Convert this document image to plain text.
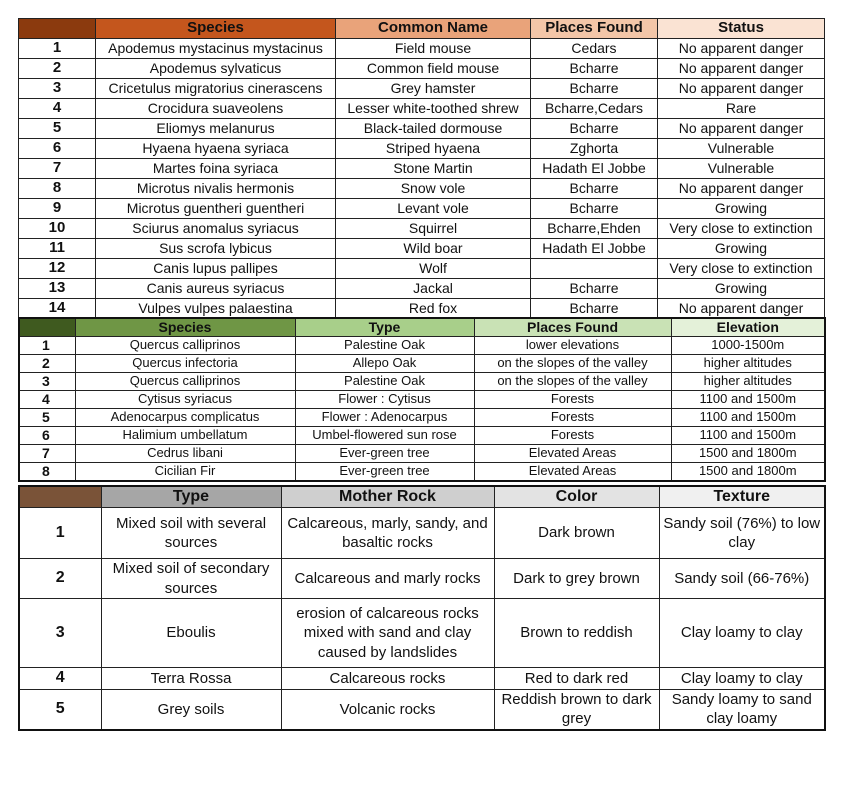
	Species	Common Name	Places Found	Status
1	Apodemus mystacinus mystacinus	Field mouse	Cedars	No apparent danger
2	Apodemus sylvaticus	Common field mouse	Bcharre	No apparent danger
3	Cricetulus migratorius cinerascens	Grey hamster	Bcharre	No apparent danger
4	Crocidura suaveolens	Lesser white-toothed shrew	Bcharre,Cedars	Rare
5	Eliomys melanurus	Black-tailed dormouse	Bcharre	No apparent danger
6	Hyaena hyaena syriaca	Striped hyaena	Zghorta	Vulnerable
7	Martes foina syriaca	Stone Martin	Hadath El Jobbe	Vulnerable
8	Microtus nivalis hermonis	Snow vole	Bcharre	No apparent danger
9	Microtus guentheri guentheri	Levant vole	Bcharre	Growing
10	Sciurus anomalus syriacus	Squirrel	Bcharre,Ehden	Very close to extinction
11	Sus scrofa lybicus	Wild boar	Hadath El Jobbe	Growing
12	Canis lupus pallipes	Wolf		Very close to extinction
13	Canis aureus syriacus	Jackal	Bcharre	Growing
14	Vulpes vulpes palaestina	Red fox	Bcharre	No apparent danger
	Species	Type	Places Found	Elevation
1	Quercus calliprinos	Palestine Oak	lower elevations	1000-1500m
2	Quercus infectoria	Allepo Oak	on the slopes of the valley	higher altitudes
3	Quercus calliprinos	Palestine Oak	on the slopes of the valley	higher altitudes
4	Cytisus syriacus	Flower : Cytisus	Forests	1100 and 1500m
5	Adenocarpus complicatus	Flower : Adenocarpus	Forests	1100 and 1500m
6	Halimium umbellatum	Umbel-flowered sun rose	Forests	1100 and 1500m
7	Cedrus libani	Ever-green tree	Elevated Areas	1500 and 1800m
8	Cicilian Fir	Ever-green tree	Elevated Areas	1500 and 1800m
	Type	Mother Rock	Color	Texture
1	Mixed soil with several sources	Calcareous, marly, sandy, and basaltic rocks	Dark brown	Sandy soil (76%) to low clay
2	Mixed soil of secondary sources	Calcareous and marly rocks	Dark to grey brown	Sandy soil (66-76%)
3	Eboulis	erosion of calcareous rocks mixed with sand and clay caused by landslides	Brown to reddish	Clay loamy to clay
4	Terra Rossa	Calcareous rocks	Red to dark red	Clay loamy to clay
5	Grey soils	Volcanic rocks	Reddish brown to dark grey	Sandy loamy to sand clay loamy
